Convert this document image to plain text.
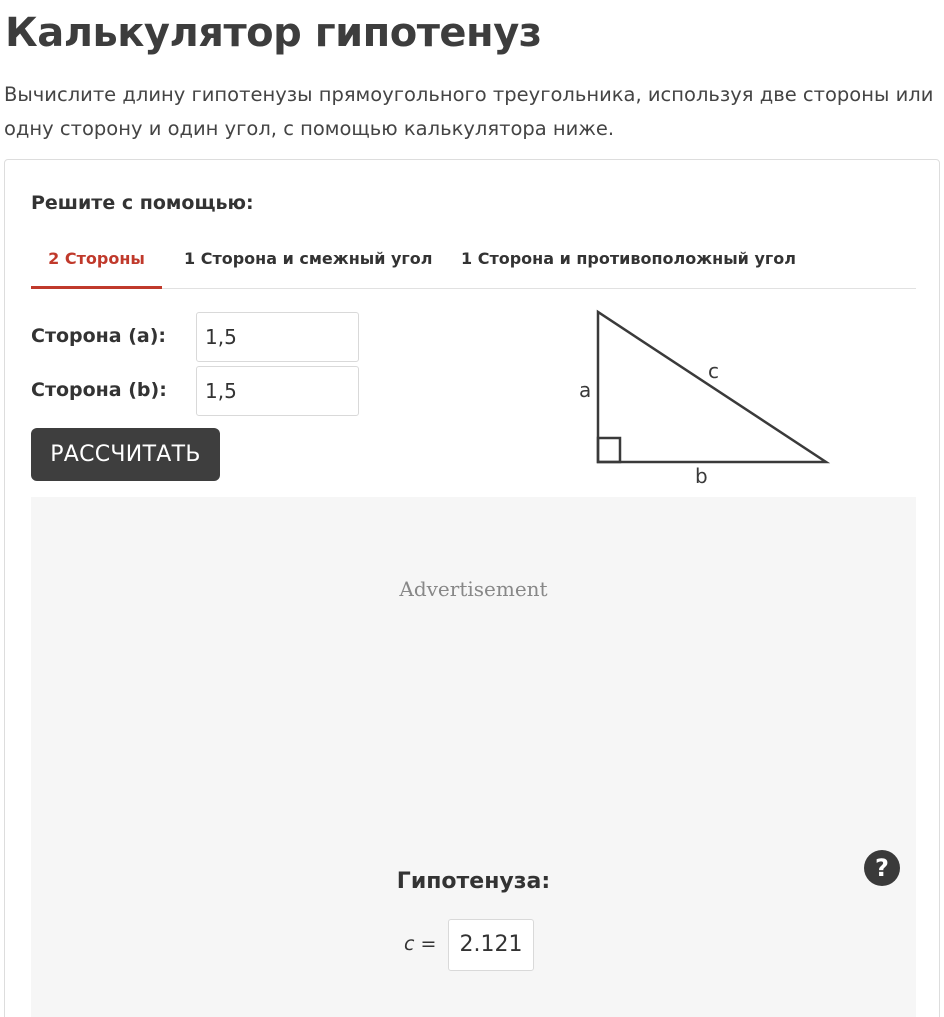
Калькулятор гипотенуз

Вычислите длину гипотенузы прямоугольного треугольника, используя две стороны или одну сторону и один угол, с помощью калькулятора ниже.

Решите с помощью:
2 Стороны	1 Сторона и смежный угол 1 Сторона и противоположный угол
Сторона (a):
1,5
Сторона (b):
1,5
РАССЧИТАТЬ
a
c
b
Advertisement
?
Гипотенуза:
c =	2.121
